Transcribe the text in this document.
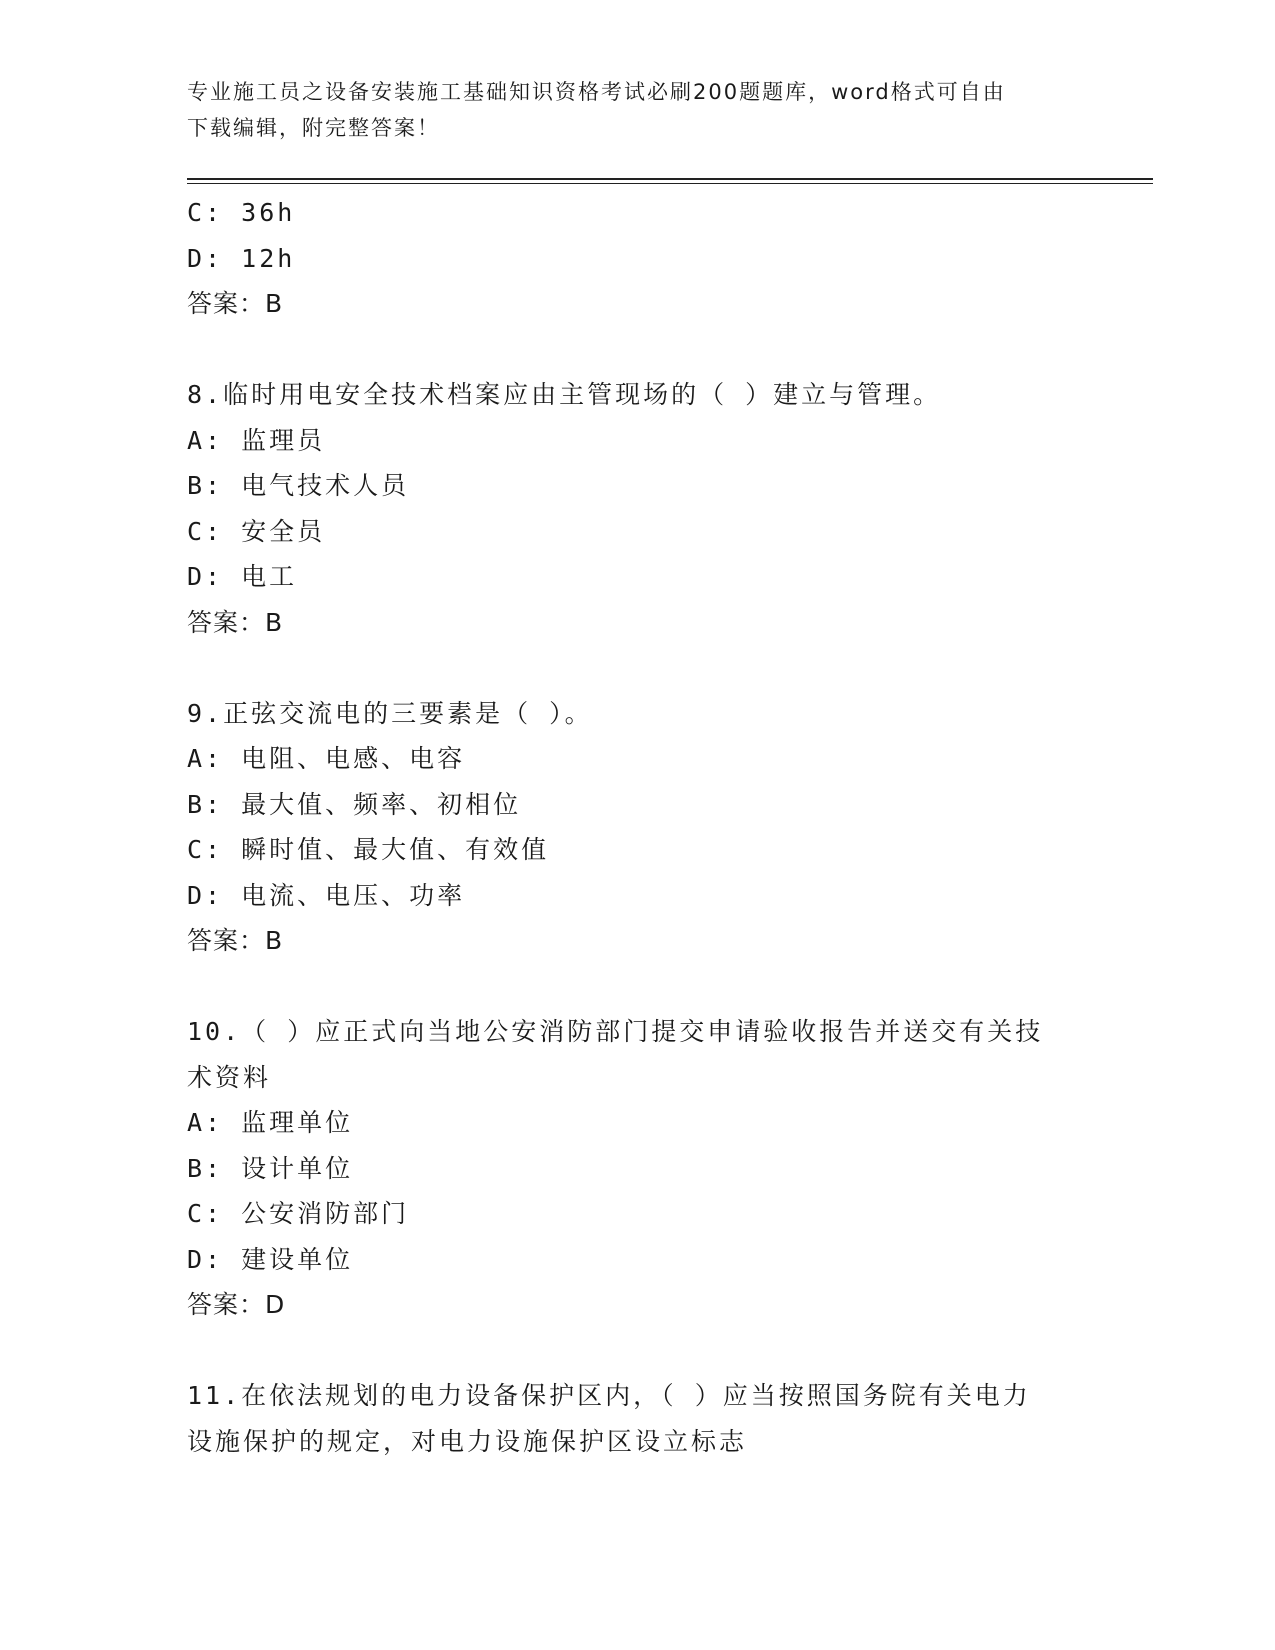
专业施工员之设备安装施工基础知识资格考试必刷200题题库，word格式可自由
下载编辑，附完整答案！
C: 36h
D: 12h
答案：B
8.临时用电安全技术档案应由主管现场的（ ）建立与管理。
A: 监理员
B: 电气技术人员
C: 安全员
D: 电工
答案：B
9.正弦交流电的三要素是（ ）。
A: 电阻、电感、电容
B: 最大值、频率、初相位
C: 瞬时值、最大值、有效值
D: 电流、电压、功率
答案：B
10.（ ）应正式向当地公安消防部门提交申请验收报告并送交有关技
术资料
A: 监理单位
B: 设计单位
C: 公安消防部门
D: 建设单位
答案：D
11.在依法规划的电力设备保护区内，（ ）应当按照国务院有关电力
设施保护的规定，对电力设施保护区设立标志
